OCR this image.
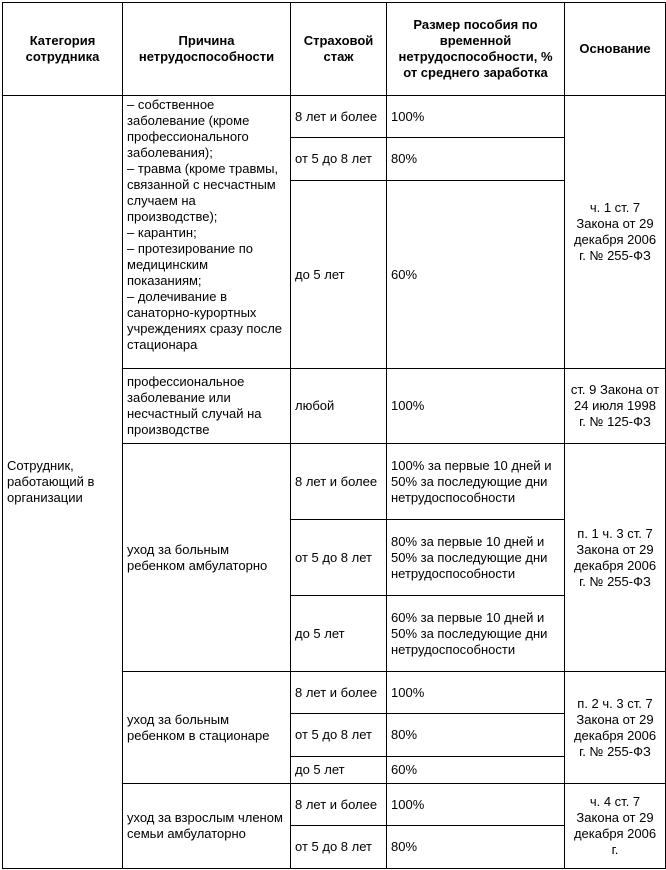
Категория сотрудника	Причина нетрудоспособности	Страховой стаж	Размер пособия по временной нетрудоспособности, % от среднего заработка	Основание
Сотрудник, работающий в организации	– собственное заболевание (кроме профессионального заболевания);
– травма (кроме травмы, связанной с несчастным случаем на производстве);
– карантин;
– протезирование по медицинским показаниям;
– долечивание в санаторно-курортных учреждениях сразу после стационара	8 лет и более	100%	ч. 1 ст. 7 Закона от 29 декабря 2006 г. № 255-ФЗ
		от 5 до 8 лет	80%	
		до 5 лет	60%	
	профессиональное заболевание или несчастный случай на производстве	любой	100%	ст. 9 Закона от 24 июля 1998 г. № 125-ФЗ
	уход за больным ребенком амбулаторно	8 лет и более	100% за первые 10 дней и 50% за последующие дни нетрудоспособности	п. 1 ч. 3 ст. 7 Закона от 29 декабря 2006 г. № 255-ФЗ
		от 5 до 8 лет	80% за первые 10 дней и 50% за последующие дни нетрудоспособности	
		до 5 лет	60% за первые 10 дней и 50% за последующие дни нетрудоспособности	
	уход за больным ребенком в стационаре	8 лет и более	100%	п. 2 ч. 3 ст. 7 Закона от 29 декабря 2006 г. № 255-ФЗ
		от 5 до 8 лет	80%	
		до 5 лет	60%	
	уход за взрослым членом семьи амбулаторно	8 лет и более	100%	ч. 4 ст. 7 Закона от 29 декабря 2006 г.
		от 5 до 8 лет	80%	
